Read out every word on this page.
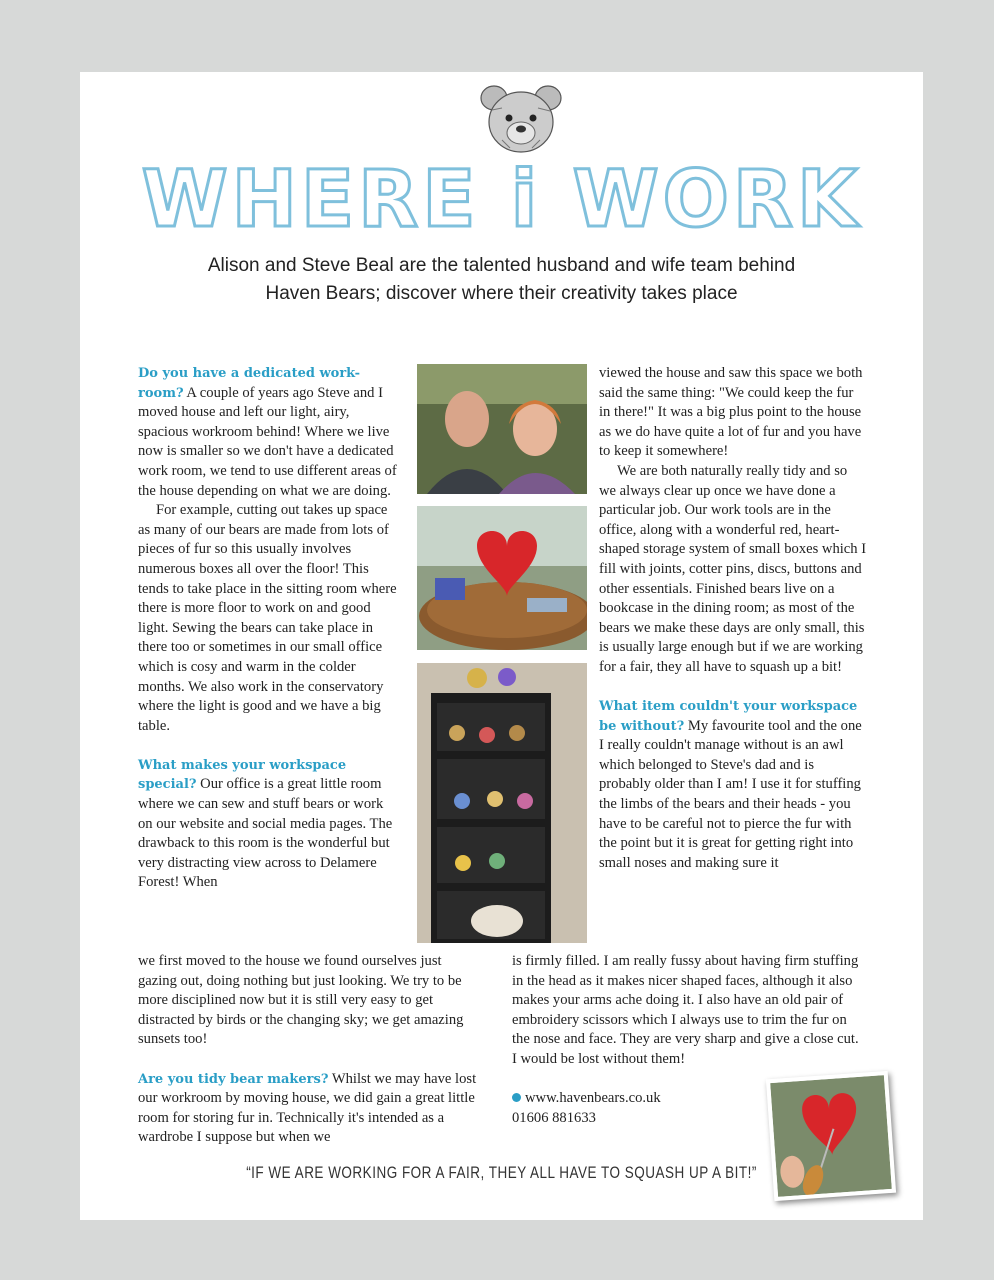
WHERE i WORK
Alison and Steve Beal are the talented husband and wife team behind
Haven Bears; discover where their creativity takes place

Do you have a dedicated work-room? A couple of years ago Steve and I moved house and left our light, airy, spacious workroom behind! Where we live now is smaller so we don't have a dedicated work room, we tend to use different areas of the house depending on what we are doing.

For example, cutting out takes up space as many of our bears are made from lots of pieces of fur so this usually involves numerous boxes all over the floor! This tends to take place in the sitting room where there is more floor to work on and good light. Sewing the bears can take place in there too or sometimes in our small office which is cosy and warm in the colder months. We also work in the conservatory where the light is good and we have a big table.

What makes your workspace special? Our office is a great little room where we can sew and stuff bears or work on our website and social media pages. The drawback to this room is the wonderful but very distracting view across to Delamere Forest! When

we first moved to the house we found ourselves just gazing out, doing nothing but just looking. We try to be more disciplined now but it is still very easy to get distracted by birds or the changing sky; we get amazing sunsets too!

Are you tidy bear makers? Whilst we may have lost our workroom by moving house, we did gain a great little room for storing fur in. Technically it's intended as a wardrobe I suppose but when we

viewed the house and saw this space we both said the same thing: "We could keep the fur in there!" It was a big plus point to the house as we do have quite a lot of fur and you have to keep it somewhere!

We are both naturally really tidy and so we always clear up once we have done a particular job. Our work tools are in the office, along with a wonderful red, heart-shaped storage system of small boxes which I fill with joints, cotter pins, discs, buttons and other essentials. Finished bears live on a bookcase in the dining room; as most of the bears we make these days are only small, this is usually large enough but if we are working for a fair, they all have to squash up a bit!

What item couldn't your workspace be without? My favourite tool and the one I really couldn't manage without is an awl which belonged to Steve's dad and is probably older than I am! I use it for stuffing the limbs of the bears and their heads - you have to be careful not to pierce the fur with the point but it is great for getting right into small noses and making sure it

is firmly filled. I am really fussy about having firm stuffing in the head as it makes nicer shaped faces, although it also makes your arms ache doing it. I also have an old pair of embroidery scissors which I always use to trim the fur on the nose and face. They are very sharp and give a close cut. I would be lost without them!

www.havenbears.co.uk

01606 881633

“IF WE ARE WORKING FOR A FAIR, THEY ALL HAVE TO SQUASH UP A BIT!”
